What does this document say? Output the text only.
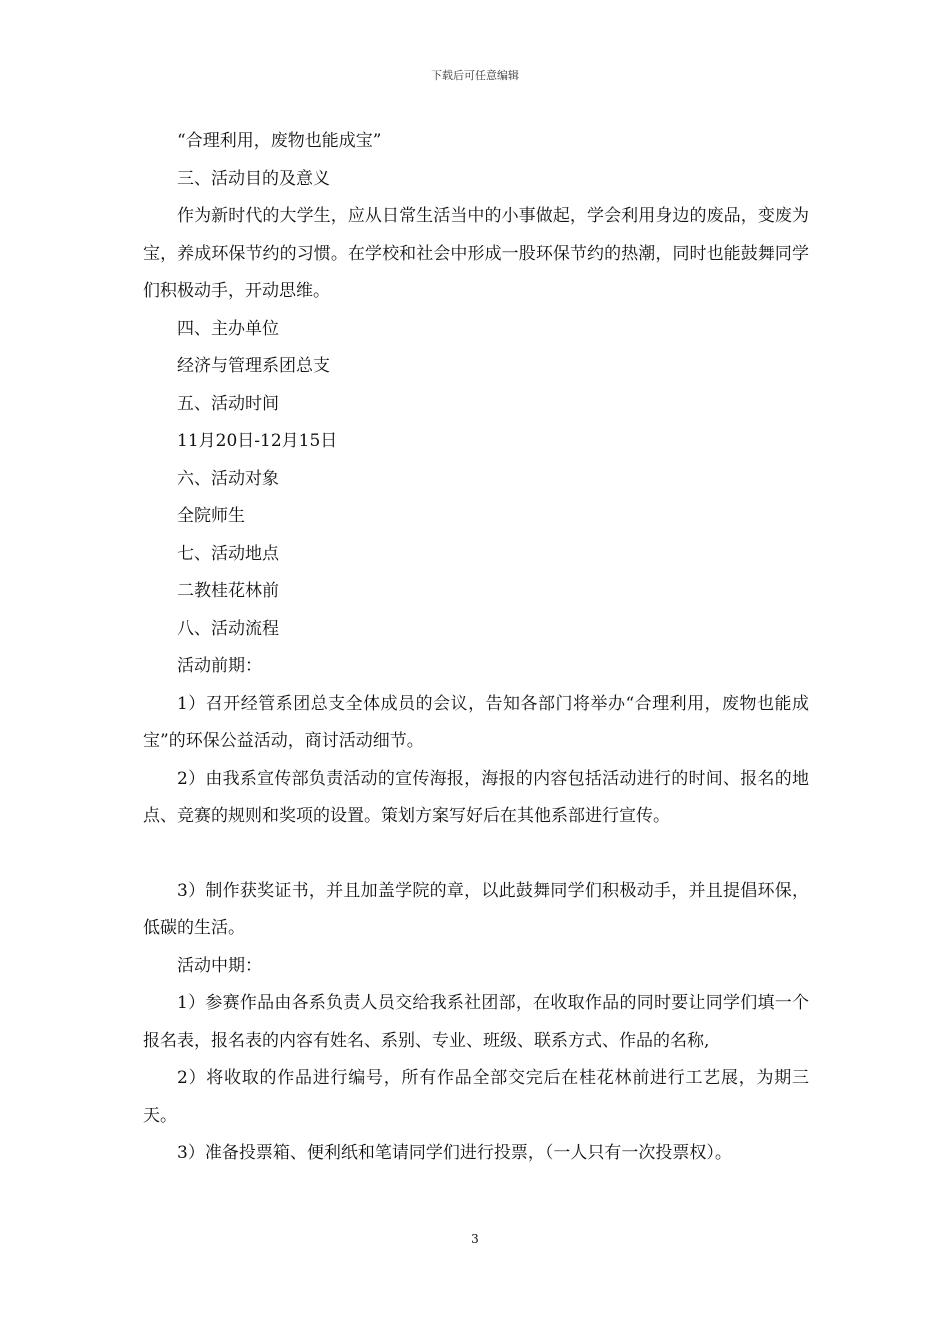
下载后可任意编辑

“合理利用，废物也能成宝”

三、活动目的及意义

作为新时代的大学生，应从日常生活当中的小事做起，学会利用身边的废品，变废为宝，养成环保节约的习惯。在学校和社会中形成一股环保节约的热潮，同时也能鼓舞同学们积极动手，开动思维。

四、主办单位

经济与管理系团总支

五、活动时间

11月20日-12月15日

六、活动对象

全院师生

七、活动地点

二教桂花林前

八、活动流程

活动前期：

1）召开经管系团总支全体成员的会议，告知各部门将举办“合理利用，废物也能成宝”的环保公益活动，商讨活动细节。

2）由我系宣传部负责活动的宣传海报，海报的内容包括活动进行的时间、报名的地点、竞赛的规则和奖项的设置。策划方案写好后在其他系部进行宣传。

3）制作获奖证书，并且加盖学院的章，以此鼓舞同学们积极动手，并且提倡环保，低碳的生活。

活动中期：

1）参赛作品由各系负责人员交给我系社团部，在收取作品的同时要让同学们填一个报名表，报名表的内容有姓名、系别、专业、班级、联系方式、作品的名称,

2）将收取的作品进行编号，所有作品全部交完后在桂花林前进行工艺展，为期三天。

3）准备投票箱、便利纸和笔请同学们进行投票，（一人只有一次投票权）。

3
